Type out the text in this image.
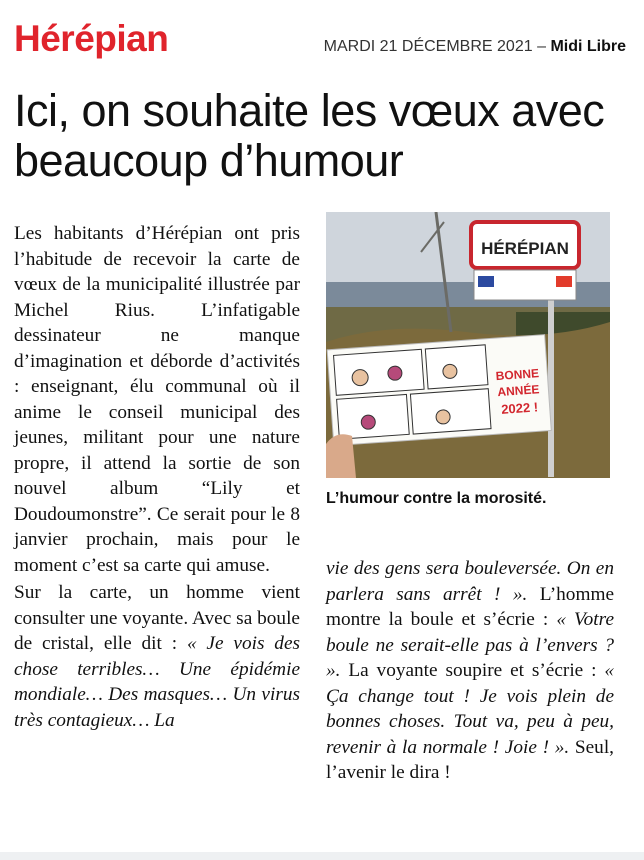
Hérépian	MARDI 21 DÉCEMBRE 2021 – Midi Libre
Ici, on souhaite les vœux avec beaucoup d’humour

Les habitants d’Hérépian ont pris l’habitude de recevoir la carte de vœux de la municipalité illustrée par Michel Rius. L’infatigable dessinateur ne manque d’imagination et déborde d’activités : enseignant, élu communal où il anime le conseil municipal des jeunes, militant pour une nature propre, il attend la sortie de son nouvel album “Lily et Doudoumonstre”. Ce serait pour le 8 janvier prochain, mais pour le moment c’est sa carte qui amuse.

Sur la carte, un homme vient consulter une voyante. Avec sa boule de cristal, elle dit : « Je vois des chose terribles… Une épidémie mondiale… Des masques… Un virus très contagieux… La

HÉRÉPIAN
BONNE
ANNÉE
2022 !
L’humour contre la morosité.

vie des gens sera bouleversée. On en parlera sans arrêt ! ». L’homme montre la boule et s’écrie : « Votre boule ne serait-elle pas à l’envers ? ». La voyante soupire et s’écrie : « Ça change tout ! Je vois plein de bonnes choses. Tout va, peu à peu, revenir à la normale ! Joie ! ». Seul, l’avenir le dira !
